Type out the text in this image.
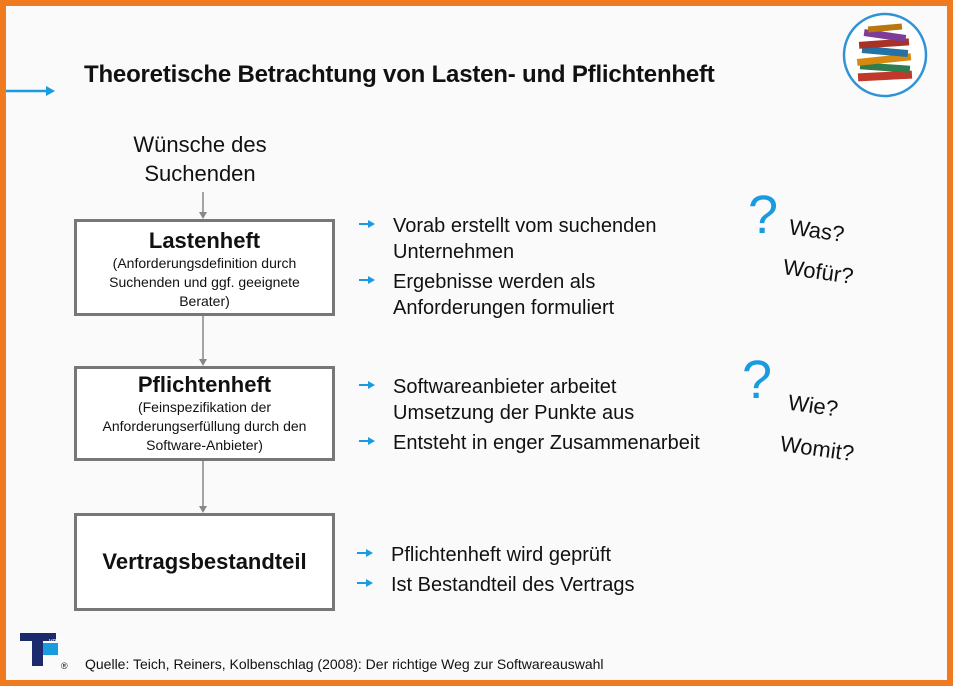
Theoretische Betrachtung von Lasten- und Pflichtenheft
Wünsche des
Suchenden
Lastenheft
(Anforderungsdefinition durch
Suchenden und ggf. geeignete
Berater)
Pflichtenheft
(Feinspezifikation der
Anforderungserfüllung durch den
Software-Anbieter)
Vertragsbestandteil
Vorab erstellt vom suchenden
Unternehmen
Ergebnisse werden als
Anforderungen formuliert
Softwareanbieter arbeitet
Umsetzung der Punkte aus
Entsteht in enger Zusammenarbeit
Pflichtenheft wird geprüft
Ist Bestandteil des Vertrags
? Was?
Wofür?
? Wie?
Womit?
vock
® Quelle: Teich, Reiners, Kolbenschlag (2008): Der richtige Weg zur Softwareauswahl
